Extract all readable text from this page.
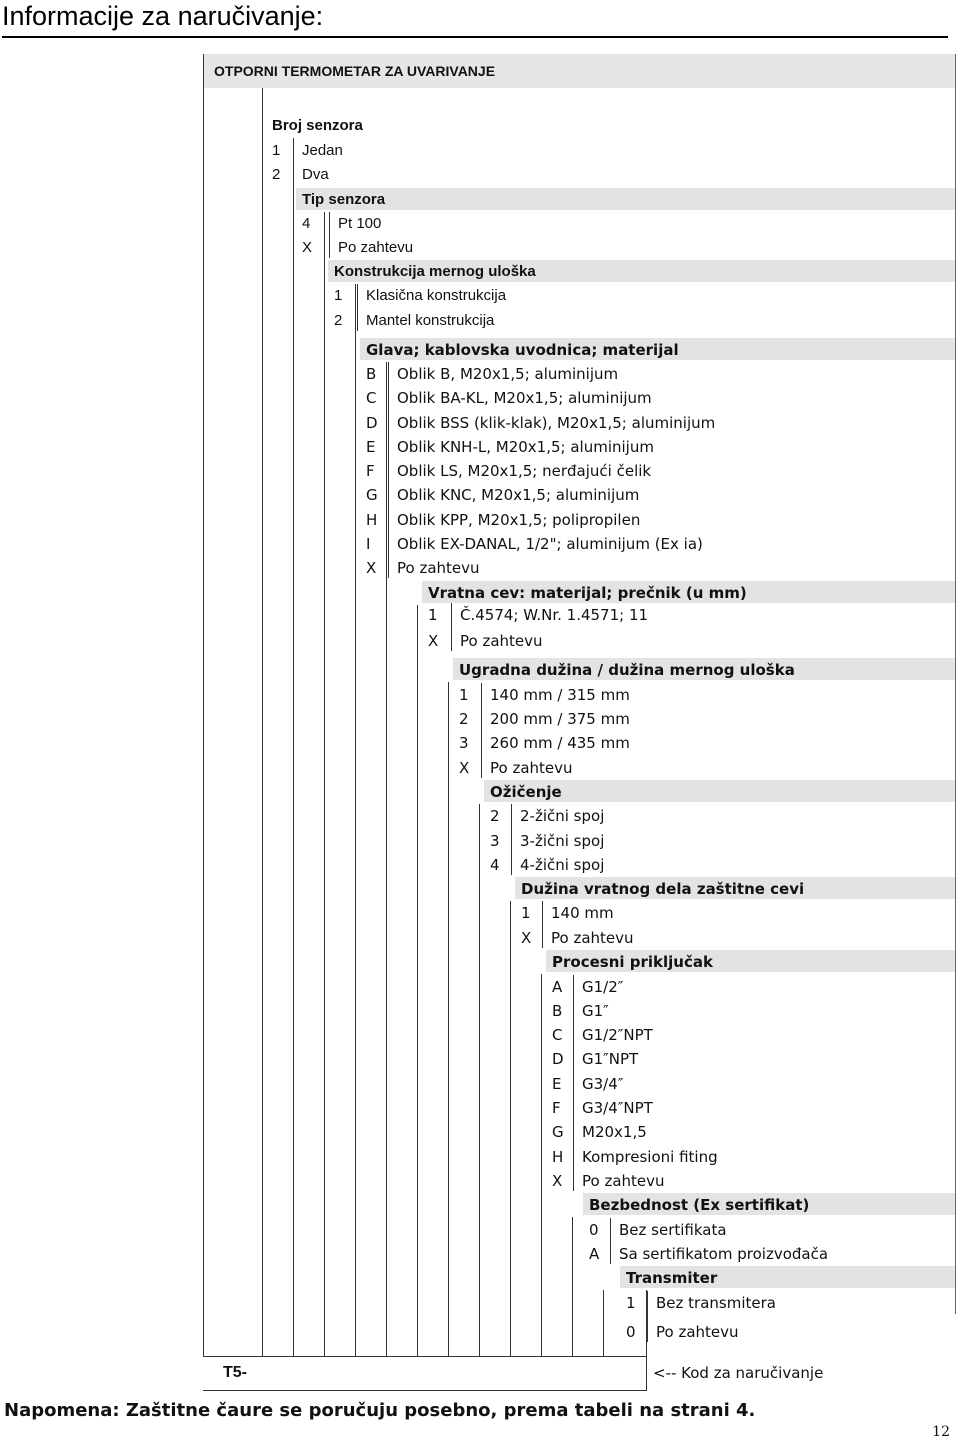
Informacije za naručivanje:
OTPORNI TERMOMETAR ZA UVARIVANJE
Broj senzora
1 Jedan
2 Dva
Tip senzora
4 Pt 100
X Po zahtevu
Konstrukcija mernog uloška
1 Klasična konstrukcija
2 Mantel konstrukcija
Glava; kablovska uvodnica; materijal
B Oblik B, M20x1,5; aluminijum
C Oblik BA-KL, M20x1,5; aluminijum
D Oblik BSS (klik-klak), M20x1,5; aluminijum
E Oblik KNH-L, M20x1,5; aluminijum
F Oblik LS, M20x1,5; nerđajući čelik
G Oblik KNC, M20x1,5; aluminijum
H Oblik KPP, M20x1,5; polipropilen
I Oblik EX-DANAL, 1/2"; aluminijum (Ex ia)
X Po zahtevu
Vratna cev: materijal; prečnik (u mm)
1 Č.4574; W.Nr. 1.4571; 11
X Po zahtevu
Ugradna dužina / dužina mernog uloška
1 140 mm / 315 mm
2 200 mm / 375 mm
3 260 mm / 435 mm
X Po zahtevu
Ožičenje
2 2-žični spoj
3 3-žični spoj
4 4-žični spoj
Dužina vratnog dela zaštitne cevi
1 140 mm
X Po zahtevu
Procesni priključak
A G1/2″
B G1″
C G1/2″NPT
D G1″NPT
E G3/4″
F G3/4″NPT
G M20x1,5
H Kompresioni fiting
X Po zahtevu
Bezbednost (Ex sertifikat)
0 Bez sertifikata
A Sa sertifikatom proizvođača
Transmiter
1 Bez transmitera
0 Po zahtevu
T5-	<-- Kod za naručivanje
Napomena: Zaštitne čaure se poručuju posebno, prema tabeli na strani 4.
12
